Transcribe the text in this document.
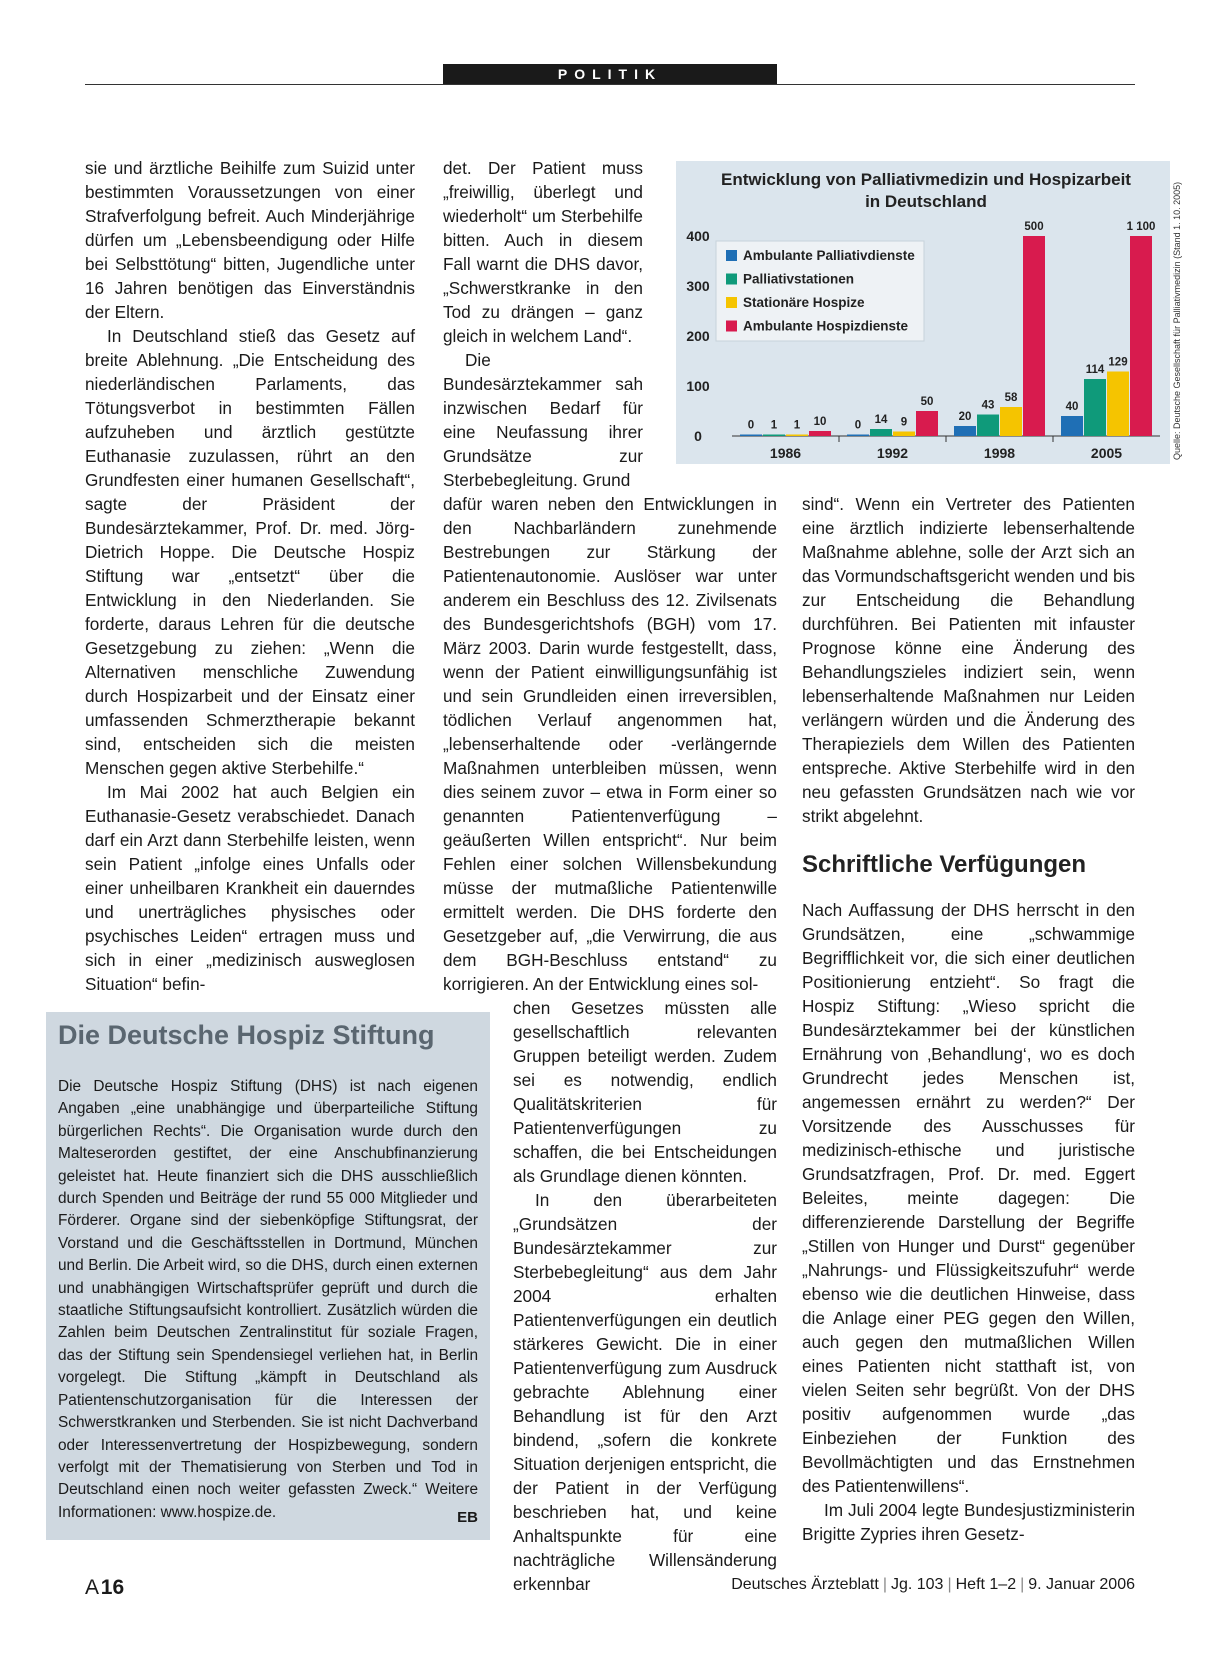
POLITIK

sie und ärztliche Beihilfe zum Suizid unter bestimmten Voraussetzungen von einer Strafverfolgung befreit. Auch Minderjährige dürfen um „Lebensbeendigung oder Hilfe bei Selbsttötung“ bitten, Jugendliche unter 16 Jahren benötigen das Einverständnis der Eltern.

In Deutschland stieß das Gesetz auf breite Ablehnung. „Die Entscheidung des niederländischen Parlaments, das Tötungsverbot in bestimmten Fällen aufzuheben und ärztlich gestützte Euthanasie zuzulassen, rührt an den Grundfesten einer humanen Gesellschaft“, sagte der Präsident der Bundesärztekammer, Prof. Dr. med. Jörg-Dietrich Hoppe. Die Deutsche Hospiz Stiftung war „entsetzt“ über die Entwicklung in den Niederlanden. Sie forderte, daraus Lehren für die deutsche Gesetzgebung zu ziehen: „Wenn die Alternativen menschliche Zuwendung durch Hospizarbeit und der Einsatz einer umfassenden Schmerztherapie bekannt sind, entscheiden sich die meisten Menschen gegen aktive Sterbehilfe.“

Im Mai 2002 hat auch Belgien ein Euthanasie-Gesetz verabschiedet. Danach darf ein Arzt dann Sterbehilfe leisten, wenn sein Patient „infolge eines Unfalls oder einer unheilbaren Krankheit ein dauerndes und unerträgliches physisches oder psychisches Leiden“ ertragen muss und sich in einer „medizinisch ausweglosen Situation“ befin-

det. Der Patient muss „freiwillig, überlegt und wiederholt“ um Sterbehilfe bitten. Auch in diesem Fall warnt die DHS davor, „Schwerstkranke in den Tod zu drängen – ganz gleich in welchem Land“.

Die Bundesärztekammer sah inzwischen Bedarf für eine Neufassung ihrer Grundsätze zur Sterbebegleitung. Grund

dafür waren neben den Entwicklungen in den Nachbarländern zunehmende Bestrebungen zur Stärkung der Patientenautonomie. Auslöser war unter anderem ein Beschluss des 12. Zivilsenats des Bundesgerichtshofs (BGH) vom 17. März 2003. Darin wurde festgestellt, dass, wenn der Patient einwilligungsunfähig ist und sein Grundleiden einen irreversiblen, tödlichen Verlauf angenommen hat, „lebenserhaltende oder -verlängernde Maßnahmen unterbleiben müssen, wenn dies seinem zuvor – etwa in Form einer so genannten Patientenverfügung – geäußerten Willen entspricht“. Nur beim Fehlen einer solchen Willensbekundung müsse der mutmaßliche Patientenwille ermittelt werden. Die DHS forderte den Gesetzgeber auf, „die Verwirrung, die aus dem BGH-Beschluss entstand“ zu korrigieren. An der Entwicklung eines sol-

chen Gesetzes müssten alle gesellschaftlich relevanten Gruppen beteiligt werden. Zudem sei es notwendig, endlich Qualitätskriterien für Patientenverfügungen zu schaffen, die bei Entscheidungen als Grundlage dienen könnten.

In den überarbeiteten „Grundsätzen der Bundesärztekammer zur Sterbebegleitung“ aus dem Jahr 2004 erhalten Patientenverfügungen ein deutlich stärkeres Gewicht. Die in einer Patientenverfügung zum Ausdruck gebrachte Ablehnung einer Behandlung ist für den Arzt bindend, „sofern die konkrete Situation derjenigen entspricht, die der Patient in der Verfügung beschrieben hat, und keine Anhaltspunkte für eine nachträgliche Willensänderung erkennbar

sind“. Wenn ein Vertreter des Patienten eine ärztlich indizierte lebenserhaltende Maßnahme ablehne, solle der Arzt sich an das Vormundschaftsgericht wenden und bis zur Entscheidung die Behandlung durchführen. Bei Patienten mit infauster Prognose könne eine Änderung des Behandlungszieles indiziert sein, wenn lebenserhaltende Maßnahmen nur Leiden verlängern würden und die Änderung des Therapieziels dem Willen des Patienten entspreche. Aktive Sterbehilfe wird in den neu gefassten Grundsätzen nach wie vor strikt abgelehnt.

Schriftliche Verfügungen

Nach Auffassung der DHS herrscht in den Grundsätzen, eine „schwammige Begrifflichkeit vor, die sich einer deutlichen Positionierung entzieht“. So fragt die Hospiz Stiftung: „Wieso spricht die Bundesärztekammer bei der künstlichen Ernährung von ‚Behandlung‘, wo es doch Grundrecht jedes Menschen ist, angemessen ernährt zu werden?“ Der Vorsitzende des Ausschusses für medizinisch-ethische und juristische Grundsatzfragen, Prof. Dr. med. Eggert Beleites, meinte dagegen: Die differenzierende Darstellung der Begriffe „Stillen von Hunger und Durst“ gegenüber „Nahrungs- und Flüssigkeitszufuhr“ werde ebenso wie die deutlichen Hinweise, dass die Anlage einer PEG gegen den Willen, auch gegen den mutmaßlichen Willen eines Patienten nicht statthaft ist, von vielen Seiten sehr begrüßt. Von der DHS positiv aufgenommen wurde „das Einbeziehen der Funktion des Bevollmächtigten und das Ernstnehmen des Patientenwillens“.

Im Juli 2004 legte Bundesjustizministerin Brigitte Zypries ihren Gesetz-

Die Deutsche Hospiz Stiftung
Die Deutsche Hospiz Stiftung (DHS) ist nach eigenen Angaben „eine unabhängige und überparteiliche Stiftung bürgerlichen Rechts“. Die Organisation wurde durch den Malteserorden gestiftet, der eine Anschubfinanzierung geleistet hat. Heute finanziert sich die DHS ausschließlich durch Spenden und Beiträge der rund 55 000 Mitglieder und Förderer. Organe sind der siebenköpfige Stiftungsrat, der Vorstand und die Geschäftsstellen in Dortmund, München und Berlin. Die Arbeit wird, so die DHS, durch einen externen und unabhängigen Wirtschaftsprüfer geprüft und durch die staatliche Stiftungsaufsicht kontrolliert. Zusätzlich würden die Zahlen beim Deutschen Zentralinstitut für soziale Fragen, das der Stiftung sein Spendensiegel verliehen hat, in Berlin vorgelegt. Die Stiftung „kämpft in Deutschland als Patientenschutzorganisation für die Interessen der Schwerstkranken und Sterbenden. Sie ist nicht Dachverband oder Interessenvertretung der Hospizbewegung, sondern verfolgt mit der Thematisierung von Sterben und Tod in Deutschland einen noch weiter gefassten Zweck.“ Weitere Informationen: www.hospize.de.	EB
Entwicklung von Palliativmedizin und Hospizarbeit
in Deutschland
0
100
200
300
400
0 1 1 10
1986
0 14 9
50
1992
20
43
58
500
1998
40
114
129
1 100
2005
Ambulante Palliativdienste
Palliativstationen
Stationäre Hospize
Ambulante Hospizdienste	Quelle: Deutsche Gesellschaft für Palliativmedizin (Stand 1. 10. 2005)
A 16	Deutsches Ärzteblatt | Jg. 103 | Heft 1–2 | 9. Januar 2006
